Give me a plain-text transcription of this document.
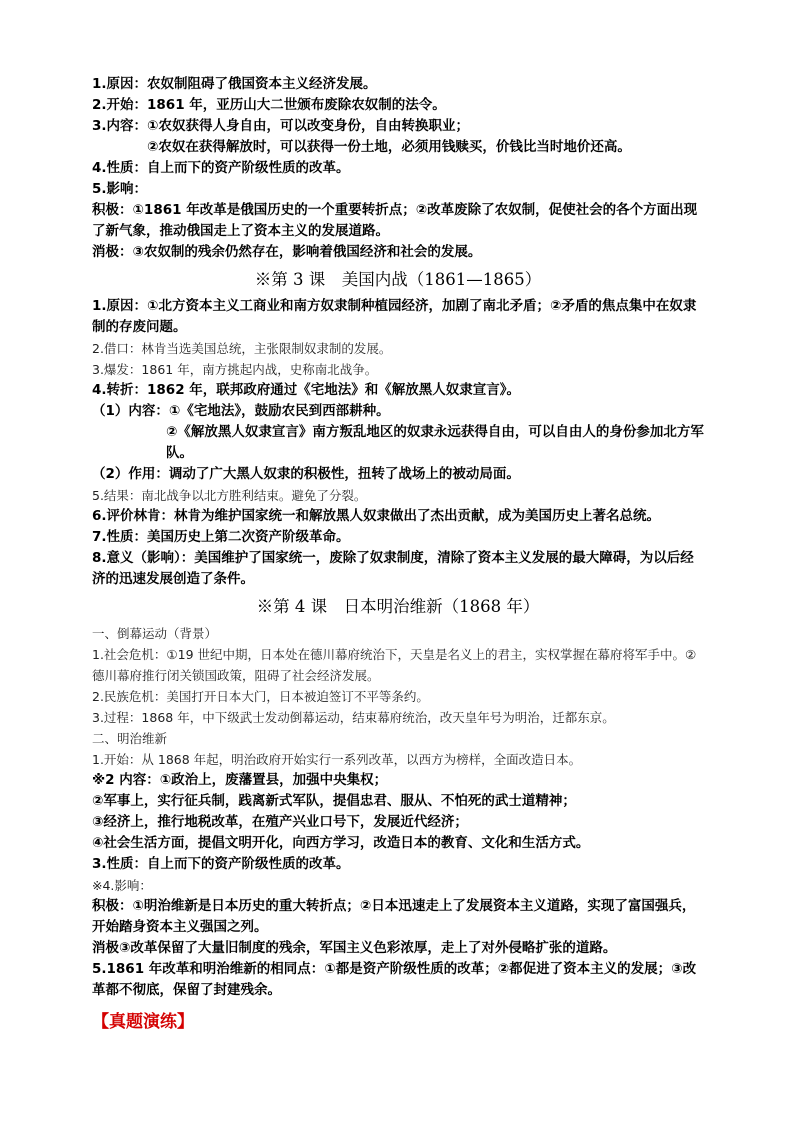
1.原因：农奴制阻碍了俄国资本主义经济发展。

2.开始：1861 年，亚历山大二世颁布废除农奴制的法令。

3.内容：①农奴获得人身自由，可以改变身份，自由转换职业；

②农奴在获得解放时，可以获得一份土地，必须用钱赎买，价钱比当时地价还高。

4.性质：自上而下的资产阶级性质的改革。

5.影响：

积极：①1861 年改革是俄国历史的一个重要转折点；②改革废除了农奴制，促使社会的各个方面出现了新气象，推动俄国走上了资本主义的发展道路。

消极：③农奴制的残余仍然存在，影响着俄国经济和社会的发展。

※第 3 课　美国内战（1861—1865）

1.原因：①北方资本主义工商业和南方奴隶制种植园经济，加剧了南北矛盾；②矛盾的焦点集中在奴隶制的存废问题。

2.借口：林肯当选美国总统，主张限制奴隶制的发展。

3.爆发：1861 年，南方挑起内战，史称南北战争。

4.转折：1862 年，联邦政府通过《宅地法》和《解放黑人奴隶宣言》。

（1）内容：①《宅地法》，鼓励农民到西部耕种。

②《解放黑人奴隶宣言》南方叛乱地区的奴隶永远获得自由，可以自由人的身份参加北方军队。

（2）作用：调动了广大黑人奴隶的积极性，扭转了战场上的被动局面。

5.结果：南北战争以北方胜利结束。避免了分裂。

6.评价林肯：林肯为维护国家统一和解放黑人奴隶做出了杰出贡献，成为美国历史上著名总统。

7.性质：美国历史上第二次资产阶级革命。

8.意义（影响）：美国维护了国家统一，废除了奴隶制度，清除了资本主义发展的最大障碍，为以后经济的迅速发展创造了条件。

※第 4 课　日本明治维新（1868 年）

一、倒幕运动（背景）

1.社会危机：①19 世纪中期，日本处在德川幕府统治下，天皇是名义上的君主，实权掌握在幕府将军手中。②德川幕府推行闭关锁国政策，阻碍了社会经济发展。

2.民族危机：美国打开日本大门，日本被迫签订不平等条约。

3.过程：1868 年，中下级武士发动倒幕运动，结束幕府统治，改天皇年号为明治，迁都东京。

二、明治维新

1.开始：从 1868 年起，明治政府开始实行一系列改革，以西方为榜样，全面改造日本。

※2 内容：①政治上，废藩置县，加强中央集权；

②军事上，实行征兵制，践离新式军队，提倡忠君、服从、不怕死的武士道精神；

③经济上，推行地税改革，在殖产兴业口号下，发展近代经济；

④社会生活方面，提倡文明开化，向西方学习，改造日本的教育、文化和生活方式。

3.性质：自上而下的资产阶级性质的改革。

※4.影响：

积极：①明治维新是日本历史的重大转折点；②日本迅速走上了发展资本主义道路，实现了富国强兵，开始踏身资本主义强国之列。

消极③改革保留了大量旧制度的残余，军国主义色彩浓厚，走上了对外侵略扩张的道路。

5.1861 年改革和明治维新的相同点：①都是资产阶级性质的改革；②都促进了资本主义的发展；③改革都不彻底，保留了封建残余。

【真题演练】
